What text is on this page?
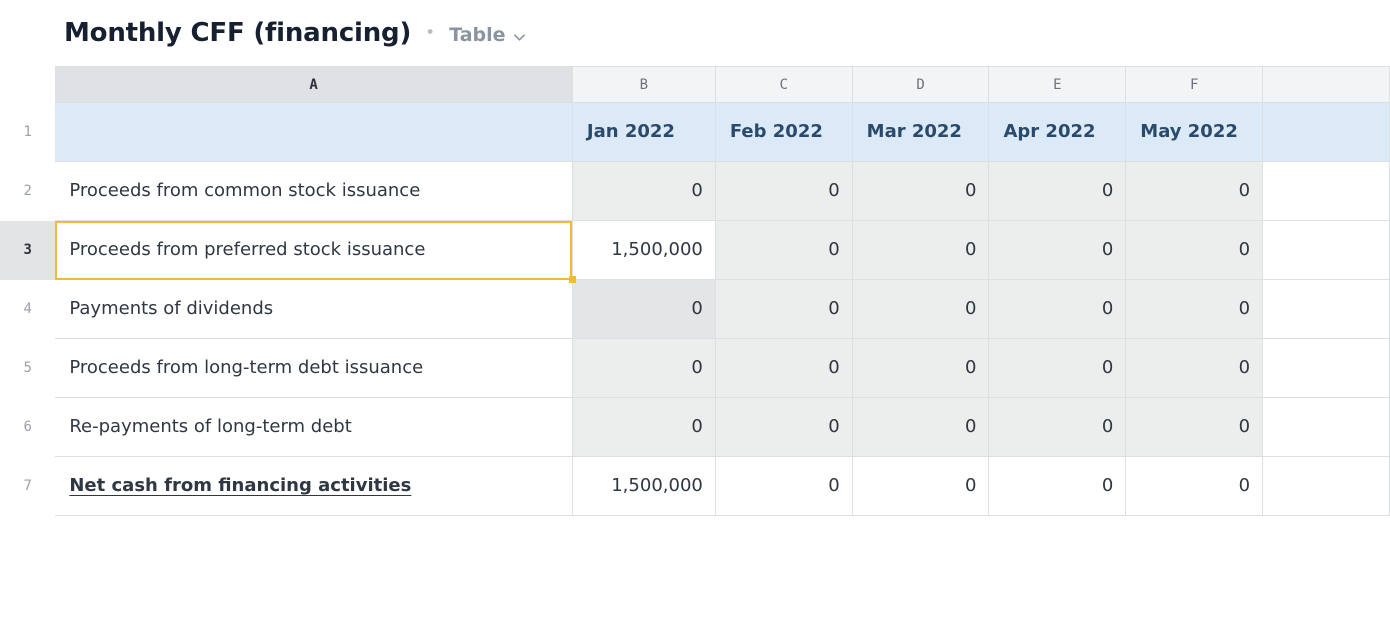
Monthly CFF (financing) • Table
	A	B	C	D	E	F	
1		Jan 2022	Feb 2022	Mar 2022	Apr 2022	May 2022	

2	Proceeds from common stock issuance	0	0	0	0	0	

3	Proceeds from preferred stock issuance	1,500,000	0	0	0	0	

4	Payments of dividends	0	0	0	0	0	

5	Proceeds from long-term debt issuance	0	0	0	0	0	

6	Re-payments of long-term debt	0	0	0	0	0	

7	Net cash from financing activities	1,500,000	0	0	0	0	
